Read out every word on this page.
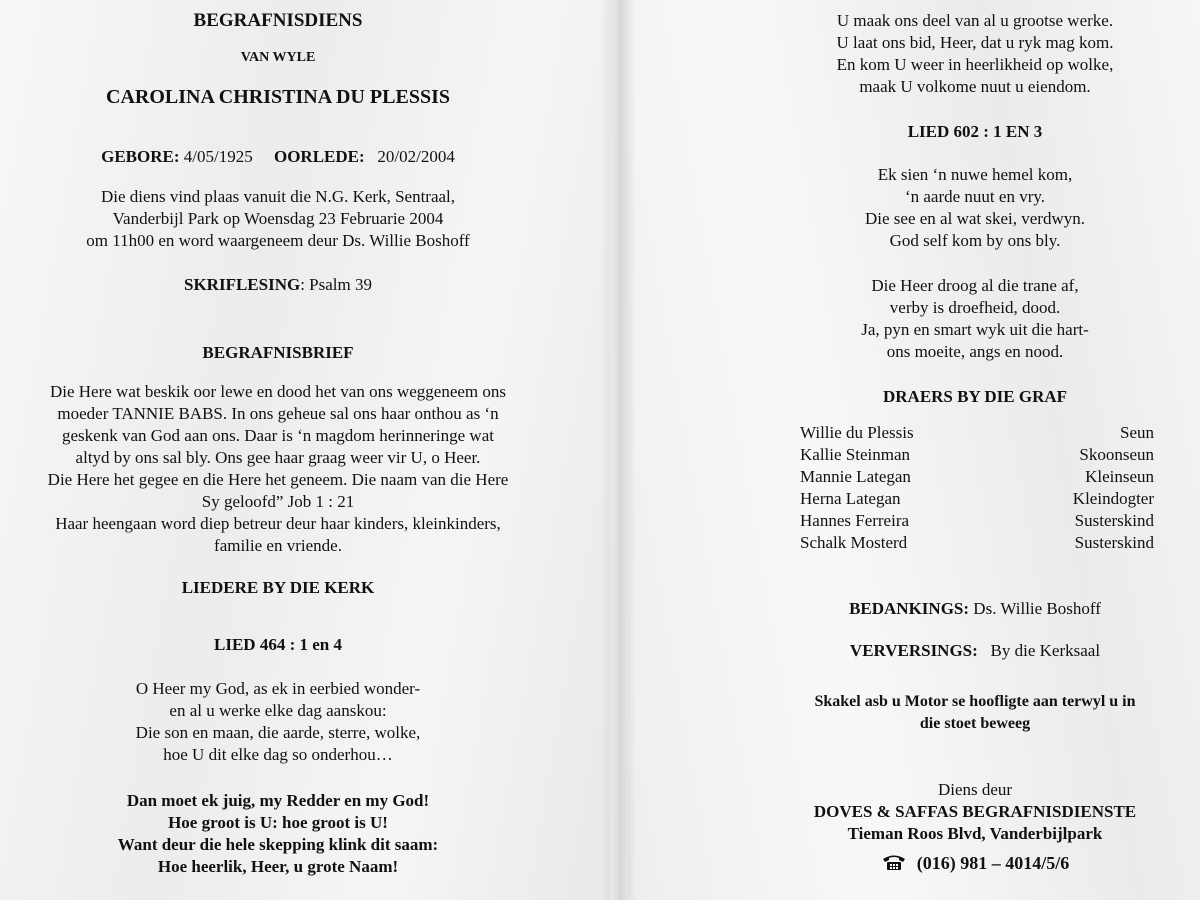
BEGRAFNISDIENS
VAN WYLE
CAROLINA CHRISTINA DU PLESSIS
GEBORE: 4/05/1925 OORLEDE: 20/02/2004
Die diens vind plaas vanuit die N.G. Kerk, Sentraal,
Vanderbijl Park op Woensdag 23 Februarie 2004
om 11h00 en word waargeneem deur Ds. Willie Boshoff
SKRIFLESING: Psalm 39
BEGRAFNISBRIEF
Die Here wat beskik oor lewe en dood het van ons weggeneem ons
moeder TANNIE BABS. In ons geheue sal ons haar onthou as ‘n
geskenk van God aan ons. Daar is ‘n magdom herinneringe wat
altyd by ons sal bly. Ons gee haar graag weer vir U, o Heer.
Die Here het gegee en die Here het geneem. Die naam van die Here
Sy geloofd” Job 1 : 21
Haar heengaan word diep betreur deur haar kinders, kleinkinders,
familie en vriende.
LIEDERE BY DIE KERK
LIED 464 : 1 en 4
O Heer my God, as ek in eerbied wonder-
en al u werke elke dag aanskou:
Die son en maan, die aarde, sterre, wolke,
hoe U dit elke dag so onderhou…
Dan moet ek juig, my Redder en my God!
Hoe groot is U: hoe groot is U!
Want deur die hele skepping klink dit saam:
Hoe heerlik, Heer, u grote Naam!
U maak ons deel van al u grootse werke.
U laat ons bid, Heer, dat u ryk mag kom.
En kom U weer in heerlikheid op wolke,
maak U volkome nuut u eiendom.
LIED 602 : 1 EN 3
Ek sien ‘n nuwe hemel kom,
‘n aarde nuut en vry.
Die see en al wat skei, verdwyn.
God self kom by ons bly.
Die Heer droog al die trane af,
verby is droefheid, dood.
Ja, pyn en smart wyk uit die hart-
ons moeite, angs en nood.
DRAERS BY DIE GRAF
Willie du Plessis	Seun
Kallie Steinman	Skoonseun
Mannie Lategan	Kleinseun
Herna Lategan	Kleindogter
Hannes Ferreira	Susterskind
Schalk Mosterd	Susterskind
BEDANKINGS: Ds. Willie Boshoff
VERVERSINGS: By die Kerksaal
Skakel asb u Motor se hoofligte aan terwyl u in
die stoet beweeg
Diens deur
DOVES & SAFFAS BEGRAFNISDIENSTE
Tieman Roos Blvd, Vanderbijlpark
(016) 981 – 4014/5/6
